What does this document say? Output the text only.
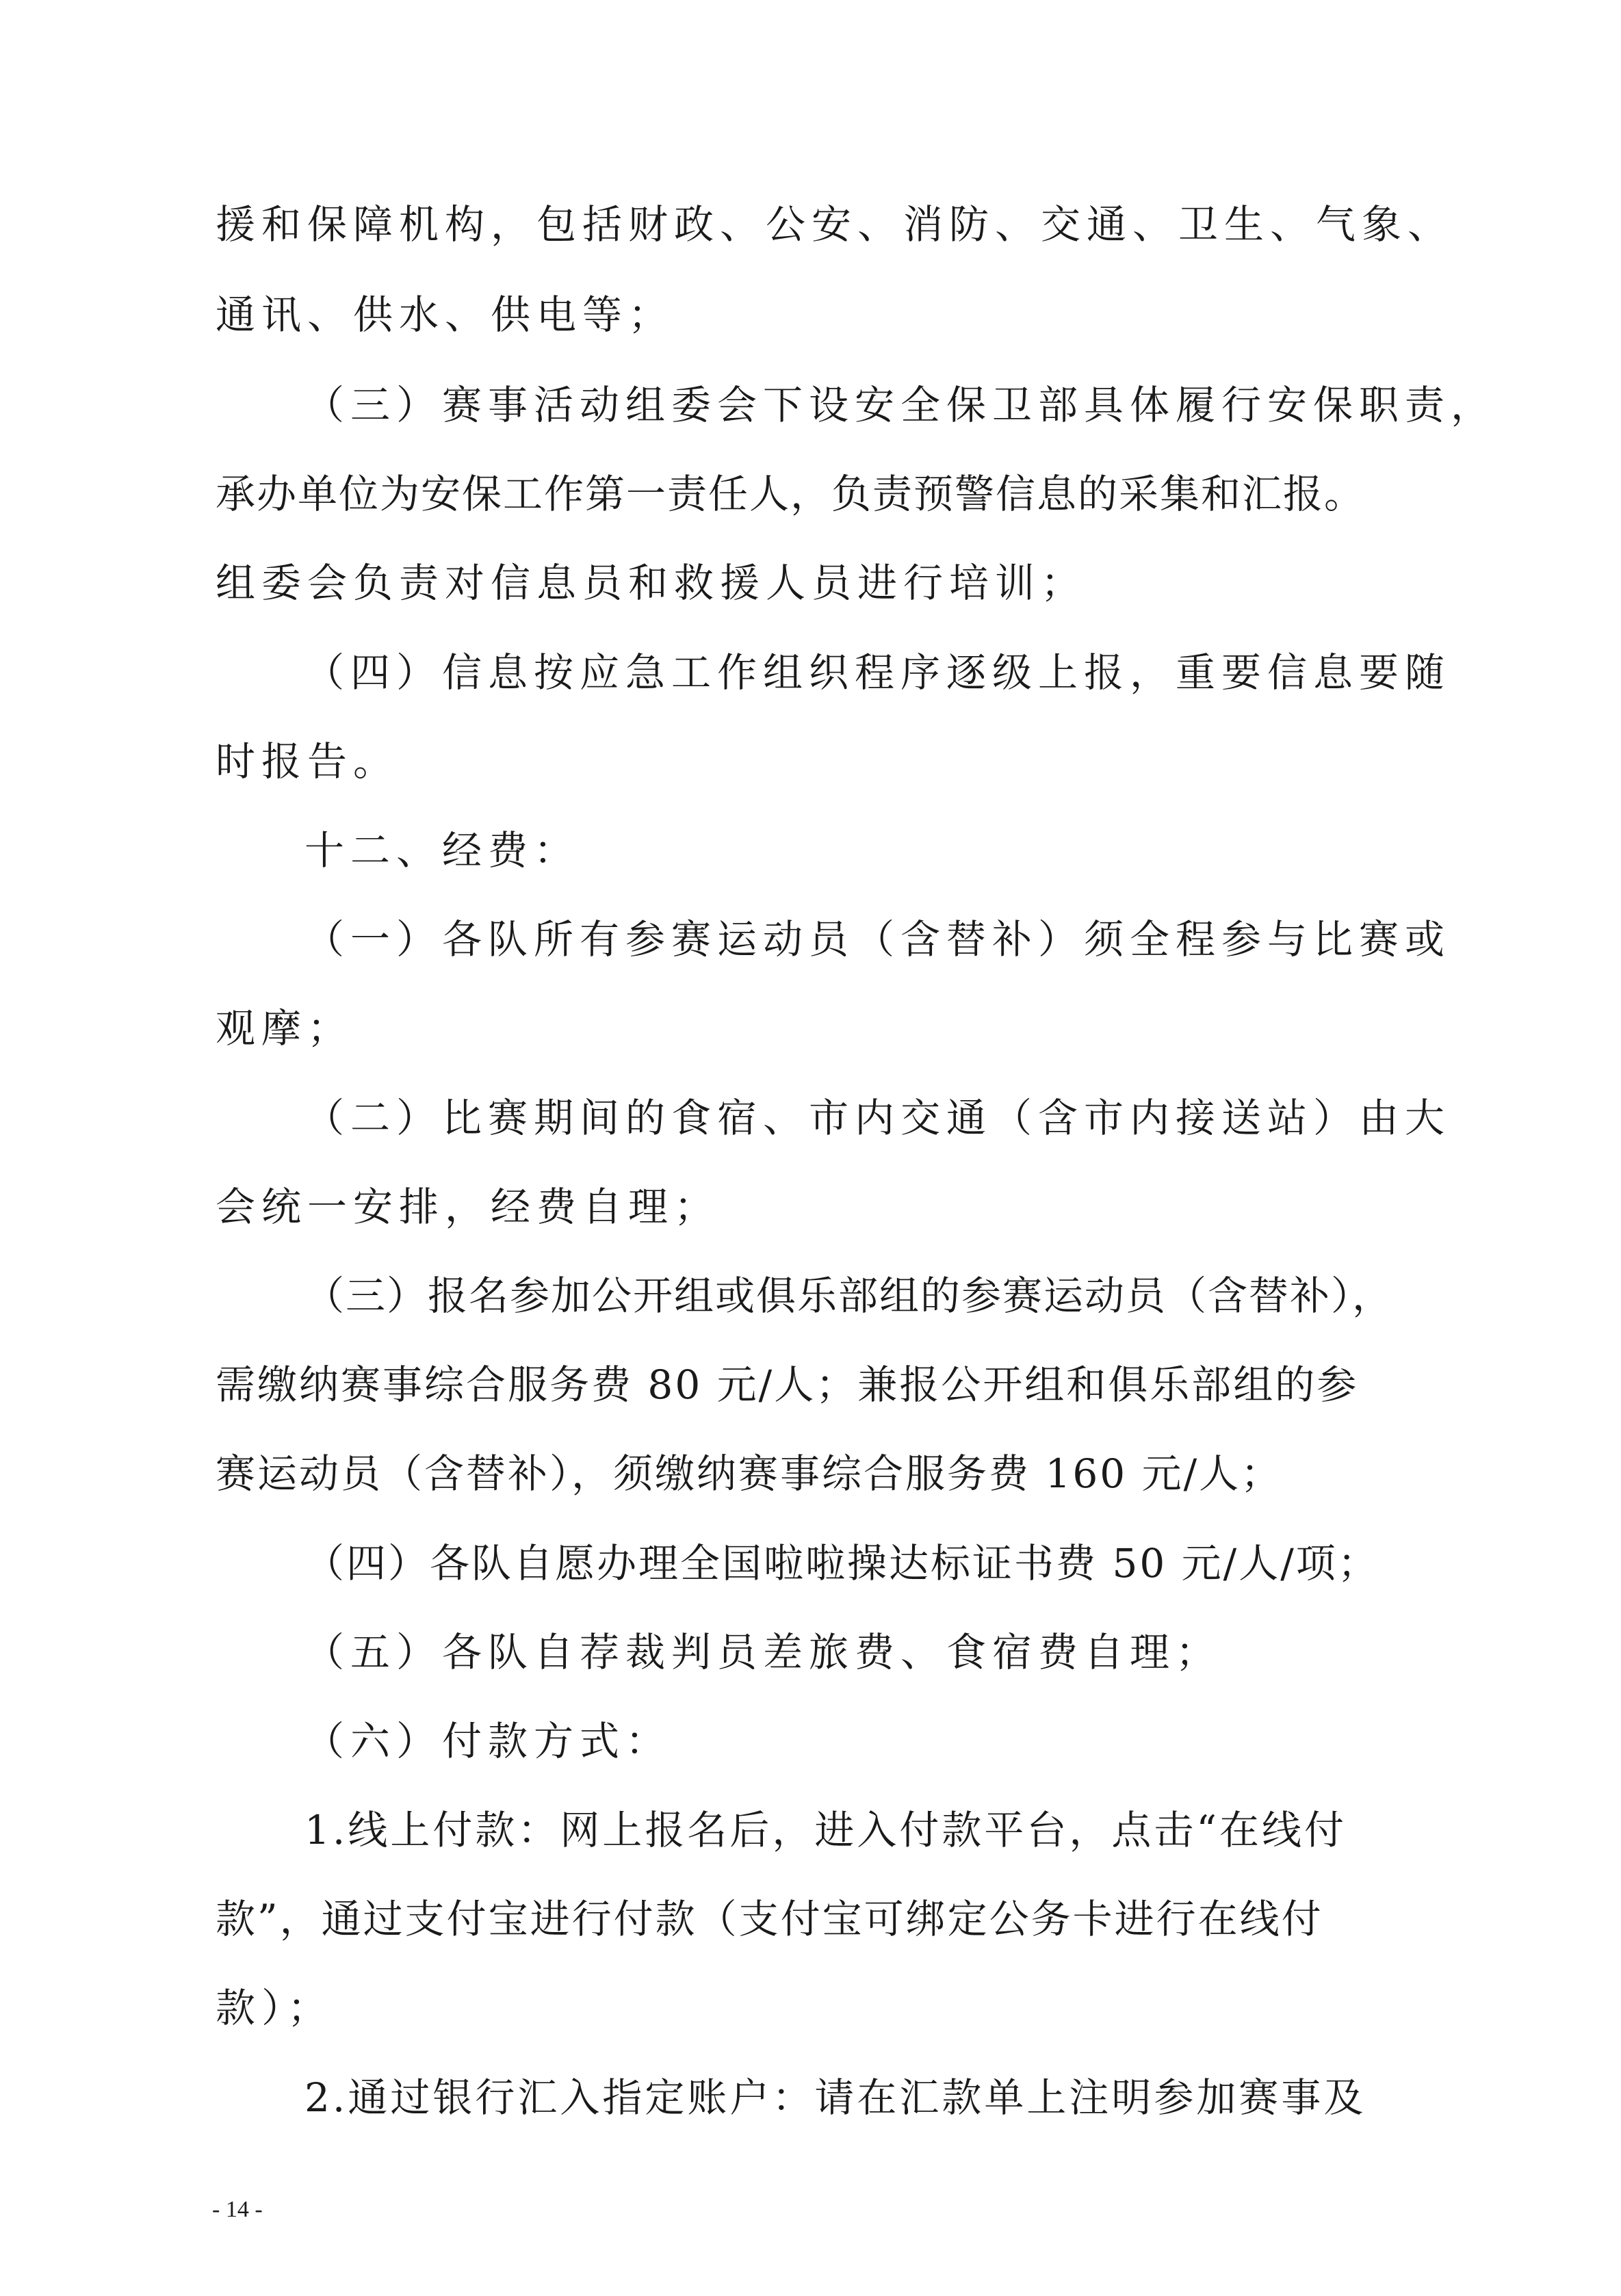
援和保障机构，包括财政、公安、消防、交通、卫生、气象、
通讯、供水、供电等；
（三）赛事活动组委会下设安全保卫部具体履行安保职责，
承办单位为安保工作第一责任人，负责预警信息的采集和汇报。
组委会负责对信息员和救援人员进行培训；
（四）信息按应急工作组织程序逐级上报，重要信息要随
时报告。
十二、经费：
（一）各队所有参赛运动员（含替补）须全程参与比赛或
观摩；
（二）比赛期间的食宿、市内交通（含市内接送站）由大
会统一安排，经费自理；
（三）报名参加公开组或俱乐部组的参赛运动员（含替补），
需缴纳赛事综合服务费 80 元/人；兼报公开组和俱乐部组的参
赛运动员（含替补），须缴纳赛事综合服务费 160 元/人；
（四）各队自愿办理全国啦啦操达标证书费 50 元/人/项；
（五）各队自荐裁判员差旅费、食宿费自理；
（六）付款方式：
1.线上付款：网上报名后，进入付款平台，点击“在线付
款”，通过支付宝进行付款（支付宝可绑定公务卡进行在线付
款）；
2.通过银行汇入指定账户：请在汇款单上注明参加赛事及
- 14 -
